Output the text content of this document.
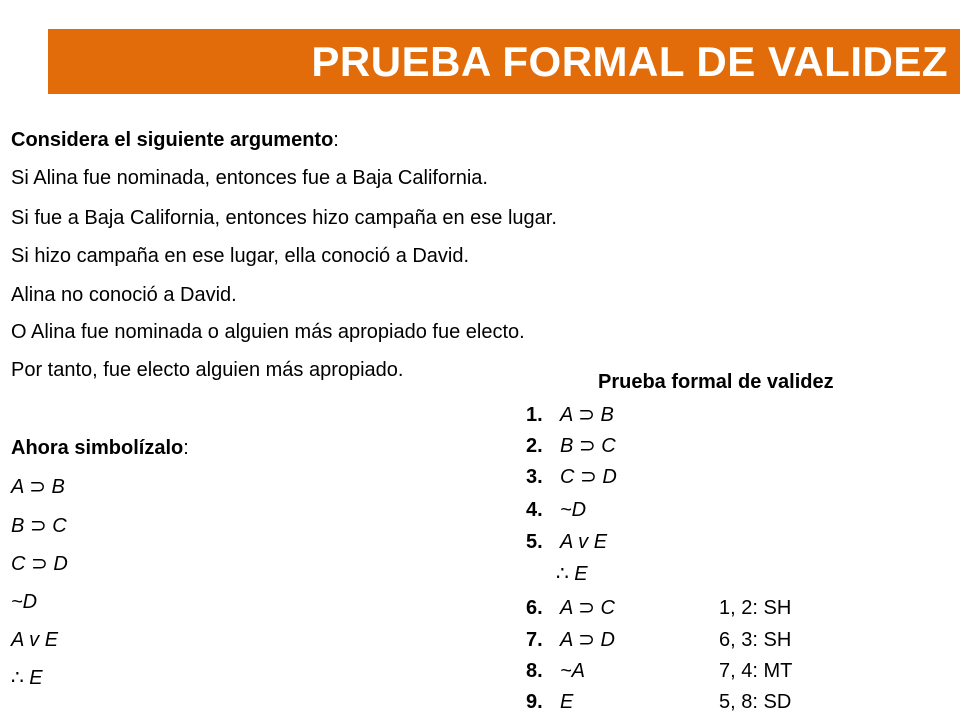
PRUEBA FORMAL DE VALIDEZ
Considera el siguiente argumento:
Si Alina fue nominada, entonces fue a Baja California.
Si fue a Baja California, entonces hizo campaña en ese lugar.
Si hizo campaña en ese lugar, ella conoció a David.
Alina no conoció a David.
O Alina fue nominada o alguien más apropiado fue electo.
Por tanto, fue electo alguien más apropiado.
Ahora simbolízalo:
A ⊃ B
B ⊃ C
C ⊃ D
~D
A v E
∴ E
Prueba formal de validez
1. A ⊃ B
2. B ⊃ C
3. C ⊃ D
4. ~D
5. A v E
∴ E
6. A ⊃ C	1, 2: SH
7. A ⊃ D	6, 3: SH
8. ~A	7, 4: MT
9. E	5, 8: SD
